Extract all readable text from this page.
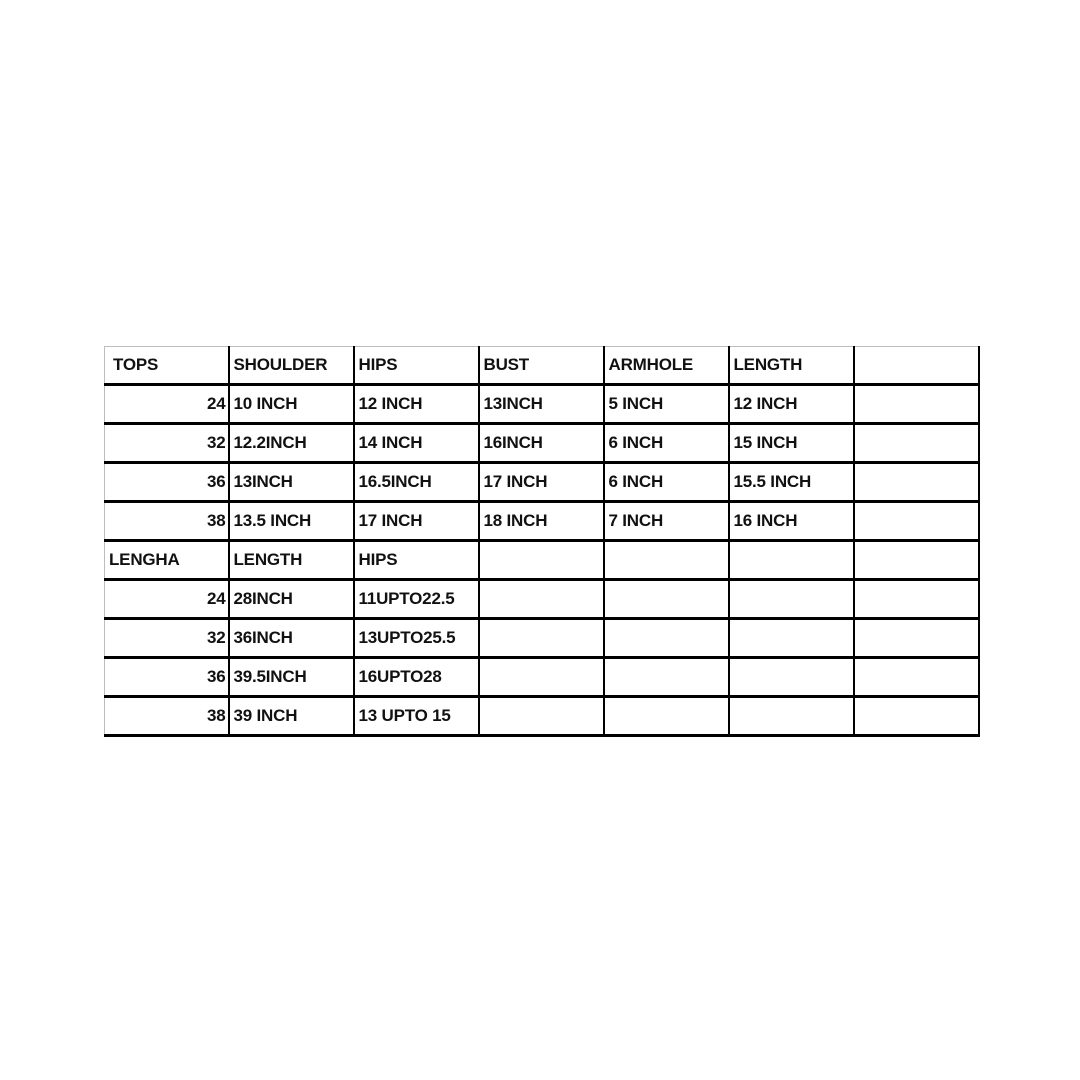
TOPS	SHOULDER	HIPS	BUST	ARMHOLE	LENGTH	
24	10 INCH	12 INCH	13INCH	5 INCH	12 INCH	
32	12.2INCH	14 INCH	16INCH	6 INCH	15 INCH	
36	13INCH	16.5INCH	17 INCH	6 INCH	15.5 INCH	
38	13.5 INCH	17 INCH	18 INCH	7 INCH	16 INCH	
LENGHA	LENGTH	HIPS				
24	28INCH	11UPTO22.5				
32	36INCH	13UPTO25.5				
36	39.5INCH	16UPTO28				
38	39 INCH	13 UPTO 15				
